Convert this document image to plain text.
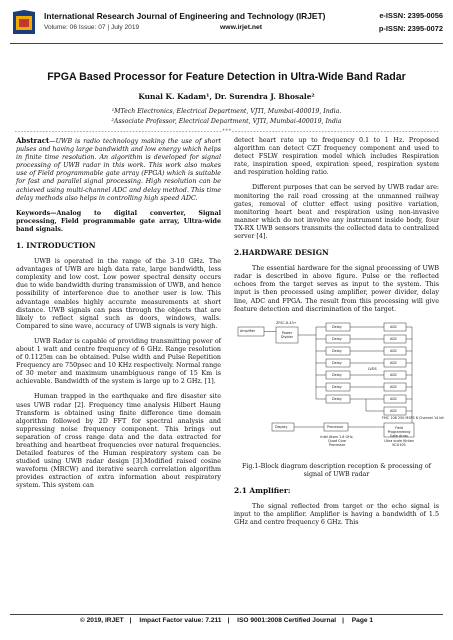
International Research Journal of Engineering and Technology (IRJET)	e-ISSN: 2395-0056
Volume: 06 Issue: 07 | July 2019	www.irjet.net	p-ISSN: 2395-0072
FPGA Based Processor for Feature Detection in Ultra-Wide Band Radar
Kunal K. Kadam¹, Dr. Surendra J. Bhosale²
¹MTech Electronics, Electrical Department, VJTI, Mumbai-400019, India.
²Associate Professor, Electrical Department, VJTI, Mumbai-400019, India
-------------------------------------------------------------------***-------------------------------------------------------------------

Abstract—UWB is radio technology making the use of short pulses and having large bandwidth and low energy which helps in finite time resolution. An algorithm is developed for signal processing of UWB radar in this work. This work also makes use of Field programmable gate array (FPGA) which is suitable for fast and parallel signal processing. High resolution can be achieved using multi-channel ADC and delay method. This time delay methods also helps in controlling high speed ADC.

Keywords—Analog to digital converter, Signal processing, Field programmable gate array, Ultra-wide band signals.

1. INTRODUCTION

UWB is operated in the range of the 3-10 GHz. The advantages of UWB are high data rate, large bandwidth, less complexity and low cost. Low power spectral density occurs due to wide bandwidth during transmission of UWB, and hence possibility of interference due to another user is low. This advantage enables highly accurate measurements at short distance. UWB signals can pass through the objects that are likely to reflect signal such as doors, windows, walls. Compared to sine wave, accuracy of UWB signals is very high.

UWB Radar is capable of providing transmitting power of about 1 watt and centre frequency of 6 GHz. Range resolution of 0.1125m can be obtained. Pulse width and Pulse Repetition Frequency are 750psec and 10 KHz respectively. Normal range of 30 meter and maximum unambiguous range of 15 Km is achievable. Bandwidth of the system is large up to 2 GHz. [1].

Human trapped in the earthquake and fire disaster site uses UWB radar [2]. Frequency time analysis Hilbert Haung Transform is obtained using finite difference time domain algorithm followed by 2D FFT for spectral analysis and suppressing noise frequency component. This brings out separation of cross range data and the data extracted for breathing and heartbeat frequencies over natural frequencies. Detailed features of the Human respiratory system can be studied using UWB radar design [3].Modified raised cosine waveform (MRCW) and iterative search correlation algorithm provides extraction of extra information about respiratory system. This system can

detect heart rate up to frequency 0.1 to 1 Hz. Proposed algorithm can detect CZT frequency component and used to detect FSLW respiration model which includes Respiration rate, inspiration speed, expiration speed, respiration system and respiration holding ratio.

Different purposes that can be served by UWB radar are: monitoring the rail road crossing at the unmanned railway gates, removal of clutter effect using positive variation, monitoring heart beat and respiration using non-invasive manner which do not involve any instrument inside body, four TX-RX UWB sensors transmits the collected data to centralized server [4].

2.HARDWARE DESIGN

The essential hardware for the signal processing of UWB radar is described in above figure. Pulse or the reflected echoes from the target serves as input to the system. This input is then processed using amplifier, power divider, delay line, ADC and FPGA. The result from this processing will give feature detection and discrimination of the target.

Amplifier
ZFSC-8-43+
Power Divider
Delay
Delay
Delay
Delay
Delay
Delay
Delay
ADC
ADC
ADC
ADC
ADC
ADC
ADC
ADC
LVDS
FMC 108 250 MSPS 8 Channel 14 bit
Field Programming Gate Array
Display	Processor
Intel Atom 1.6 GHz, Quad Core Processor
Ultra scale Kintex KCU105

Fig.1-Block diagram description reception & processing of signal of UWB radar

2.1 Amplifier:

The signal reflected from target or the echo signal is input to the amplifier. Amplifier is having a bandwidth of 1.5 GHz and centre frequency 6 GHz. This

© 2019, IRJET | Impact Factor value: 7.211 | ISO 9001:2008 Certified Journal | Page 1
